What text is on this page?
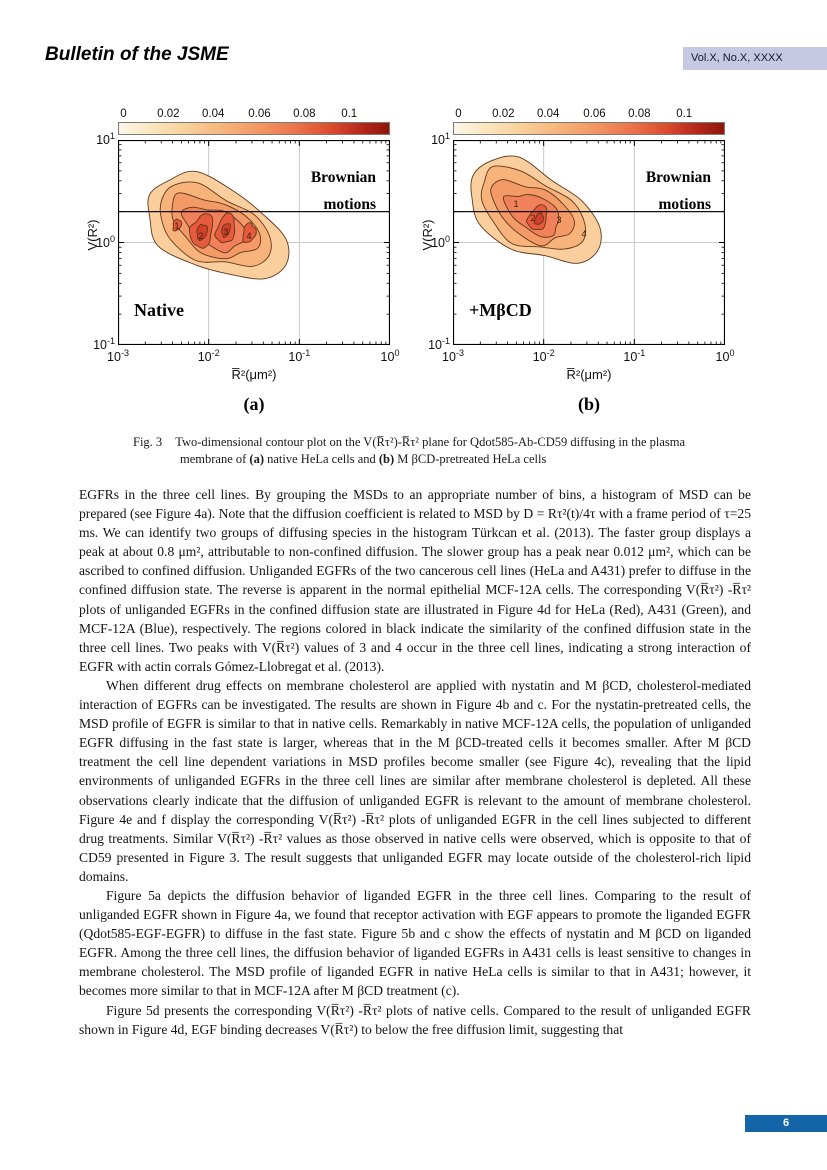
Bulletin of the JSME	Vol.X, No.X, XXXX
0	0.02 0.04 0.06 0.08 0.1
1
2 3 4
Brownian
motions
Native
$10^{-3}$	$10^{-2}$	$10^{-1}$	$10^0$
R̅²(μm²)
V(R²)
(a)
$10^1$
$10^0$
$10^{-1}$
0	0.02 0.04 0.06 0.08 0.1
1
2 3
4
Brownian
motions
+MβCD
$10^{-3}$	$10^{-2}$	$10^{-1}$	$10^0$
R̅²(μm²)
V(R²)
(b)
$10^1$
$10^0$
$10^{-1}$
Fig. 3 Two-dimensional contour plot on the V(R̅τ²)-R̅τ² plane for Qdot585-Ab-CD59 diffusing in the plasma membrane of (a) native HeLa cells and (b) M βCD-pretreated HeLa cells

EGFRs in the three cell lines. By grouping the MSDs to an appropriate number of bins, a histogram of MSD can be prepared (see Figure 4a). Note that the diffusion coefficient is related to MSD by D = Rτ²(t)/4τ with a frame period of τ=25 ms. We can identify two groups of diffusing species in the histogram Türkcan et al. (2013). The faster group displays a peak at about 0.8 μm², attributable to non-confined diffusion. The slower group has a peak near 0.012 μm², which can be ascribed to confined diffusion. Unliganded EGFRs of the two cancerous cell lines (HeLa and A431) prefer to diffuse in the confined diffusion state. The reverse is apparent in the normal epithelial MCF-12A cells. The corresponding V(R̅τ²) -R̅τ² plots of unliganded EGFRs in the confined diffusion state are illustrated in Figure 4d for HeLa (Red), A431 (Green), and MCF-12A (Blue), respectively. The regions colored in black indicate the similarity of the confined diffusion state in the three cell lines. Two peaks with V(R̅τ²) values of 3 and 4 occur in the three cell lines, indicating a strong interaction of EGFR with actin corrals Gómez-Llobregat et al. (2013).

When different drug effects on membrane cholesterol are applied with nystatin and M βCD, cholesterol-mediated interaction of EGFRs can be investigated. The results are shown in Figure 4b and c. For the nystatin-pretreated cells, the MSD profile of EGFR is similar to that in native cells. Remarkably in native MCF-12A cells, the population of unliganded EGFR diffusing in the fast state is larger, whereas that in the M βCD-treated cells it becomes smaller. After M βCD treatment the cell line dependent variations in MSD profiles become smaller (see Figure 4c), revealing that the lipid environments of unliganded EGFRs in the three cell lines are similar after membrane cholesterol is depleted. All these observations clearly indicate that the diffusion of unliganded EGFR is relevant to the amount of membrane cholesterol. Figure 4e and f display the corresponding V(R̅τ²) -R̅τ² plots of unliganded EGFR in the cell lines subjected to different drug treatments. Similar V(R̅τ²) -R̅τ² values as those observed in native cells were observed, which is opposite to that of CD59 presented in Figure 3. The result suggests that unliganded EGFR may locate outside of the cholesterol-rich lipid domains.

Figure 5a depicts the diffusion behavior of liganded EGFR in the three cell lines. Comparing to the result of unliganded EGFR shown in Figure 4a, we found that receptor activation with EGF appears to promote the liganded EGFR (Qdot585-EGF-EGFR) to diffuse in the fast state. Figure 5b and c show the effects of nystatin and M βCD on liganded EGFR. Among the three cell lines, the diffusion behavior of liganded EGFRs in A431 cells is least sensitive to changes in membrane cholesterol. The MSD profile of liganded EGFR in native HeLa cells is similar to that in A431; however, it becomes more similar to that in MCF-12A after M βCD treatment (c).

Figure 5d presents the corresponding V(R̅τ²) -R̅τ² plots of native cells. Compared to the result of unliganded EGFR shown in Figure 4d, EGF binding decreases V(R̅τ²) to below the free diffusion limit, suggesting that

6
